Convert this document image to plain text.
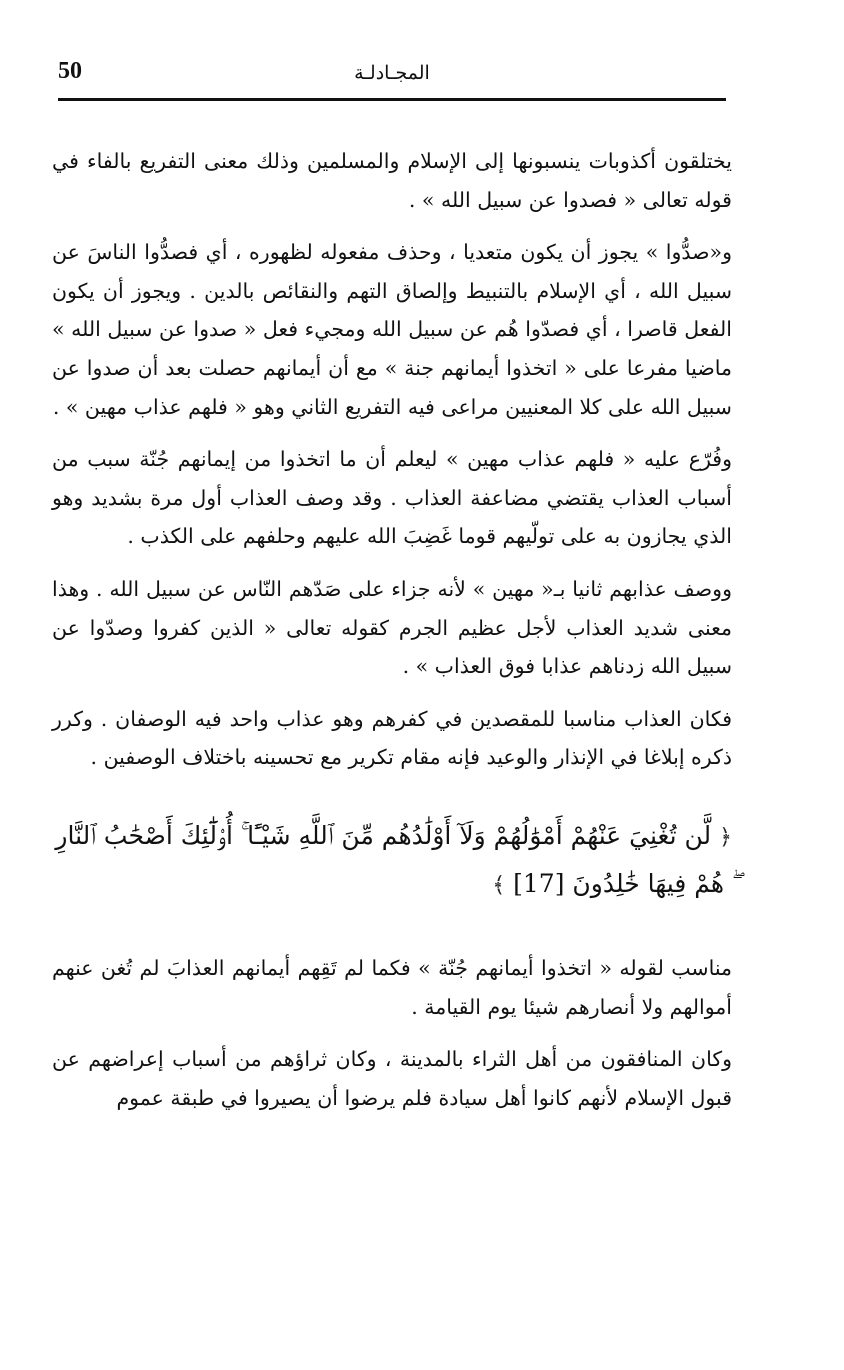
50	المجـادلـة

يختلقون أكذوبات ينسبونها إلى الإسلام والمسلمين وذلك معنى التفريع بالفاء في قوله تعالى « فصدوا عن سبيل الله » .

و«صدُّوا » يجوز أن يكون متعديا ، وحذف مفعوله لظهوره ، أي فصدُّوا الناسَ عن سبيل الله ، أي الإسلام بالتنبيط وإلصاق التهم والنقائص بالدين . ويجوز أن يكون الفعل قاصرا ، أي فصدّوا هُم عن سبيل الله ومجيء فعل « صدوا عن سبيل الله » ماضيا مفرعا على « اتخذوا أيمانهم جنة » مع أن أيمانهم حصلت بعد أن صدوا عن سبيل الله على كلا المعنيين مراعى فيه التفريع الثاني وهو « فلهم عذاب مهين » .

وفُرّع عليه « فلهم عذاب مهين » ليعلم أن ما اتخذوا من إيمانهم جُنّة سبب من أسباب العذاب يقتضي مضاعفة العذاب . وقد وصف العذاب أول مرة بشديد وهو الذي يجازون به على تولّيهم قوما غَضِبَ الله عليهم وحلفهم على الكذب .

ووصف عذابهم ثانيا بـ« مهين » لأنه جزاء على صَدّهم النّاس عن سبيل الله . وهذا معنى شديد العذاب لأجل عظيم الجرم كقوله تعالى « الذين كفروا وصدّوا عن سبيل الله زدناهم عذابا فوق العذاب » .

فكان العذاب مناسبا للمقصدين في كفرهم وهو عذاب واحد فيه الوصفان . وكرر ذكره إبلاغا في الإنذار والوعيد فإنه مقام تكرير مع تحسينه باختلاف الوصفين .

﴿ لَّن تُغْنِيَ عَنْهُمْ أَمْوَٰلُهُمْ وَلَآ أَوْلَٰدُهُم مِّنَ ٱللَّهِ شَيْـًٔا ۚ أُو۟لَٰٓئِكَ أَصْحَٰبُ ٱلنَّارِ ۖ هُمْ فِيهَا خَٰلِدُونَ [17] ﴾

مناسب لقوله « اتخذوا أيمانهم جُنّة » فكما لم تَقِهم أيمانهم العذابَ لم تُغن عنهم أموالهم ولا أنصارهم شيئا يوم القيامة .

وكان المنافقون من أهل الثراء بالمدينة ، وكان ثراؤهم من أسباب إعراضهم عن قبول الإسلام لأنهم كانوا أهل سيادة فلم يرضوا أن يصيروا في طبقة عموم
